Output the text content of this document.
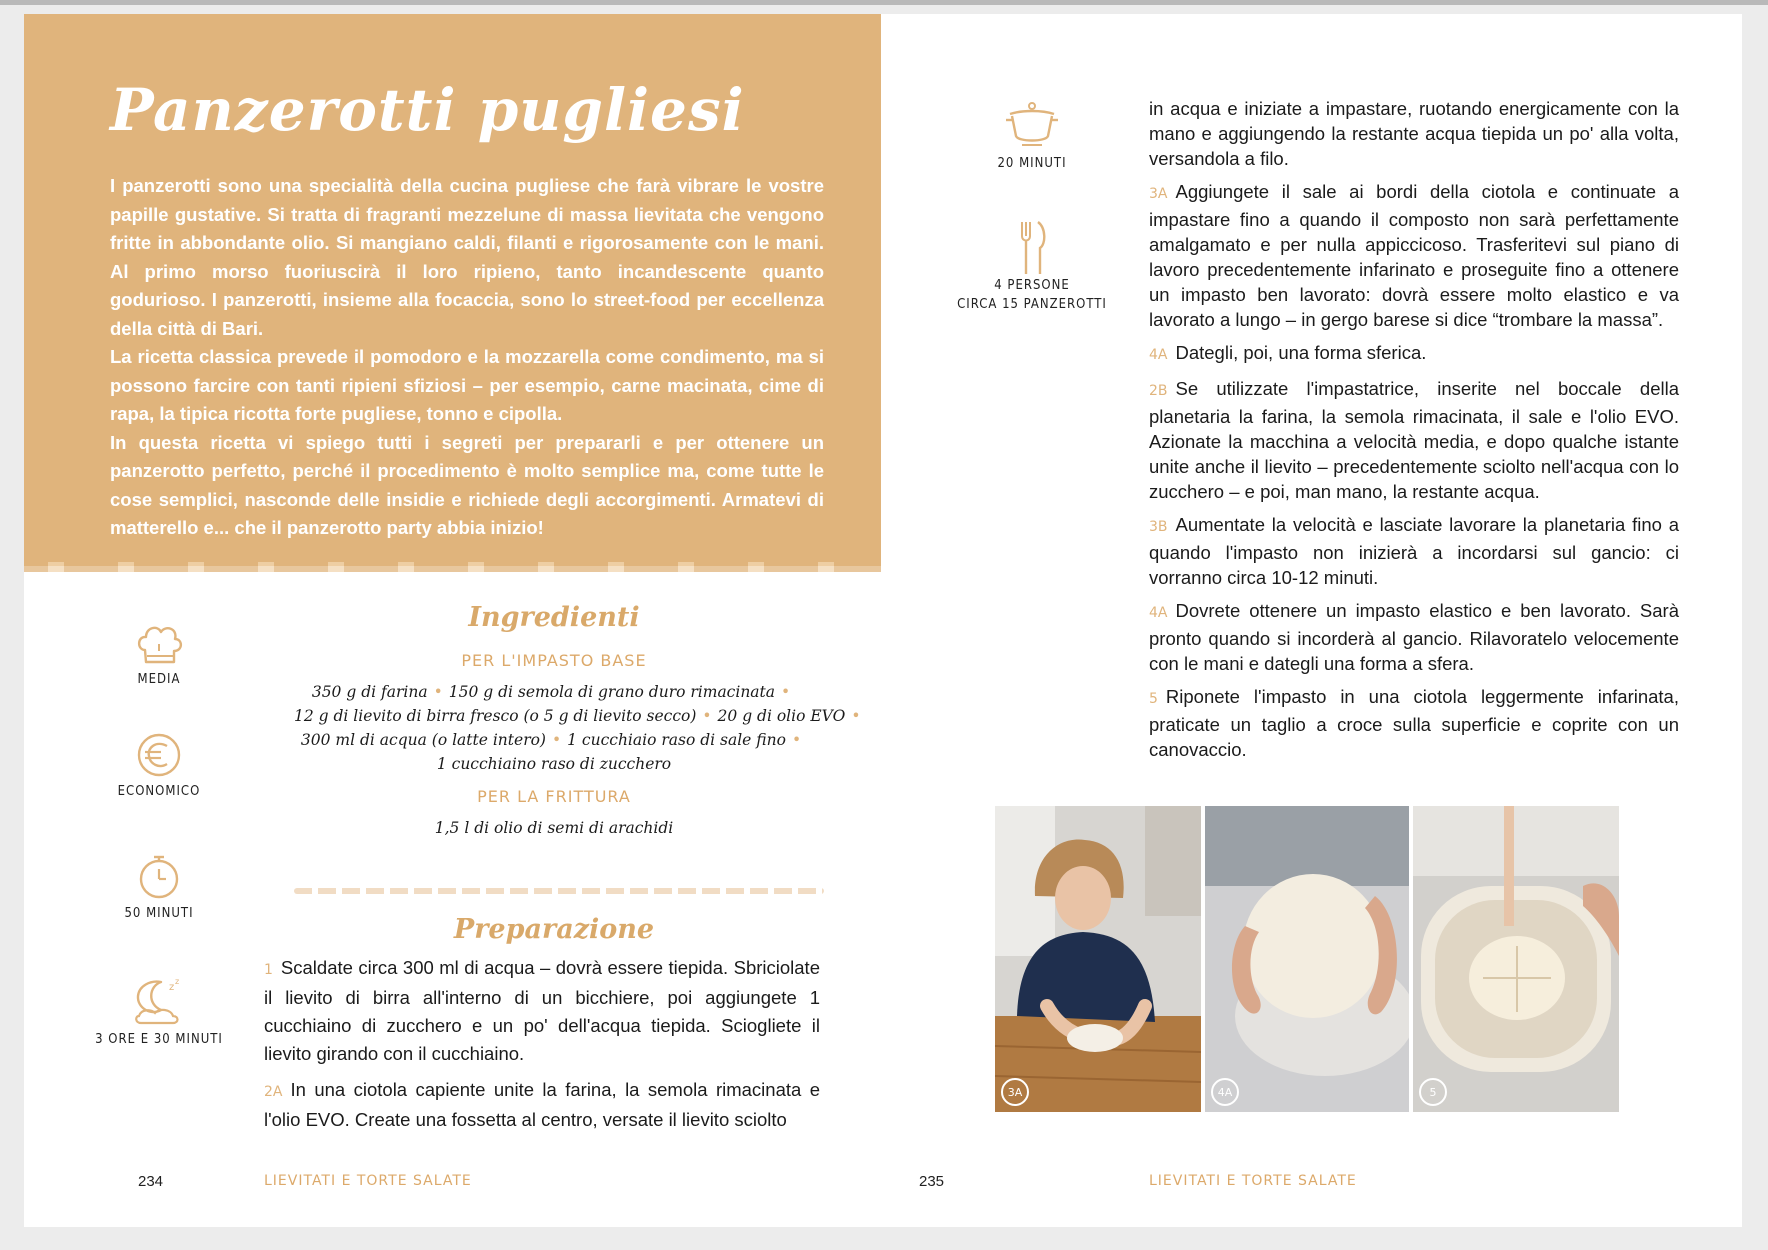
Panzerotti pugliesi

I panzerotti sono una specialità della cucina pugliese che farà vibrare le vostre papille gustative. Si tratta di fragranti mezzelune di massa lievitata che vengono fritte in abbondante olio. Si mangiano caldi, filanti e rigorosamente con le mani. Al primo morso fuoriuscirà il loro ripieno, tanto incandescente quanto godurioso. I panzerotti, insieme alla focaccia, sono lo street-food per eccellenza della città di Bari.

La ricetta classica prevede il pomodoro e la mozzarella come condimento, ma si possono farcire con tanti ripieni sfiziosi – per esempio, carne macinata, cime di rapa, la tipica ricotta forte pugliese, tonno e cipolla.

In questa ricetta vi spiego tutti i segreti per prepararli e per ottenere un panzerotto perfetto, perché il procedimento è molto semplice ma, come tutte le cose semplici, nasconde delle insidie e richiede degli accorgimenti. Armatevi di matterello e... che il panzerotto party abbia inizio!

MEDIA
ECONOMICO
50 MINUTI
z
z
3 ORE E 30 MINUTI
Ingredienti
PER L'IMPASTO BASE
350 g di farina • 150 g di semola di grano duro rimacinata •
12 g di lievito di birra fresco (o 5 g di lievito secco) • 20 g di olio EVO •
300 ml di acqua (o latte intero) • 1 cucchiaio raso di sale fino •
1 cucchiaino raso di zucchero
PER LA FRITTURA
1,5 l di olio di semi di arachidi
Preparazione

1 Scaldate circa 300 ml di acqua – dovrà essere tiepida. Sbriciolate il lievito di birra all'interno di un bicchiere, poi aggiungete 1 cucchiaino di zucchero e un po' dell'acqua tiepida. Sciogliete il lievito girando con il cucchiaino.

2A In una ciotola capiente unite la farina, la semola rimacinata e l'olio EVO. Create una fossetta al centro, versate il lievito sciolto

234	LIEVITATI E TORTE SALATE
20 MINUTI
4 PERSONE
CIRCA 15 PANZEROTTI

in acqua e iniziate a impastare, ruotando energicamente con la mano e aggiungendo la restante acqua tiepida un po' alla volta, versandola a filo.

3A Aggiungete il sale ai bordi della ciotola e continuate a impastare fino a quando il composto non sarà perfettamente amalgamato e per nulla appiccicoso. Trasferitevi sul piano di lavoro precedentemente infarinato e proseguite fino a ottenere un impasto ben lavorato: dovrà essere molto elastico e va lavorato a lungo – in gergo barese si dice “trombare la massa”.

4A Dategli, poi, una forma sferica.

2B Se utilizzate l'impastatrice, inserite nel boccale della planetaria la farina, la semola rimacinata, il sale e l'olio EVO. Azionate la macchina a velocità media, e dopo qualche istante unite anche il lievito – precedentemente sciolto nell'acqua con lo zucchero – e poi, man mano, la restante acqua.

3B Aumentate la velocità e lasciate lavorare la planetaria fino a quando l'impasto non inizierà a incordarsi sul gancio: ci vorranno circa 10-12 minuti.

4A Dovrete ottenere un impasto elastico e ben lavorato. Sarà pronto quando si incorderà al gancio. Rilavoratelo velocemente con le mani e dategli una forma a sfera.

5 Riponete l'impasto in una ciotola leggermente infarinata, praticate un taglio a croce sulla superficie e coprite con un canovaccio.

3A	4A	5
235	LIEVITATI E TORTE SALATE
